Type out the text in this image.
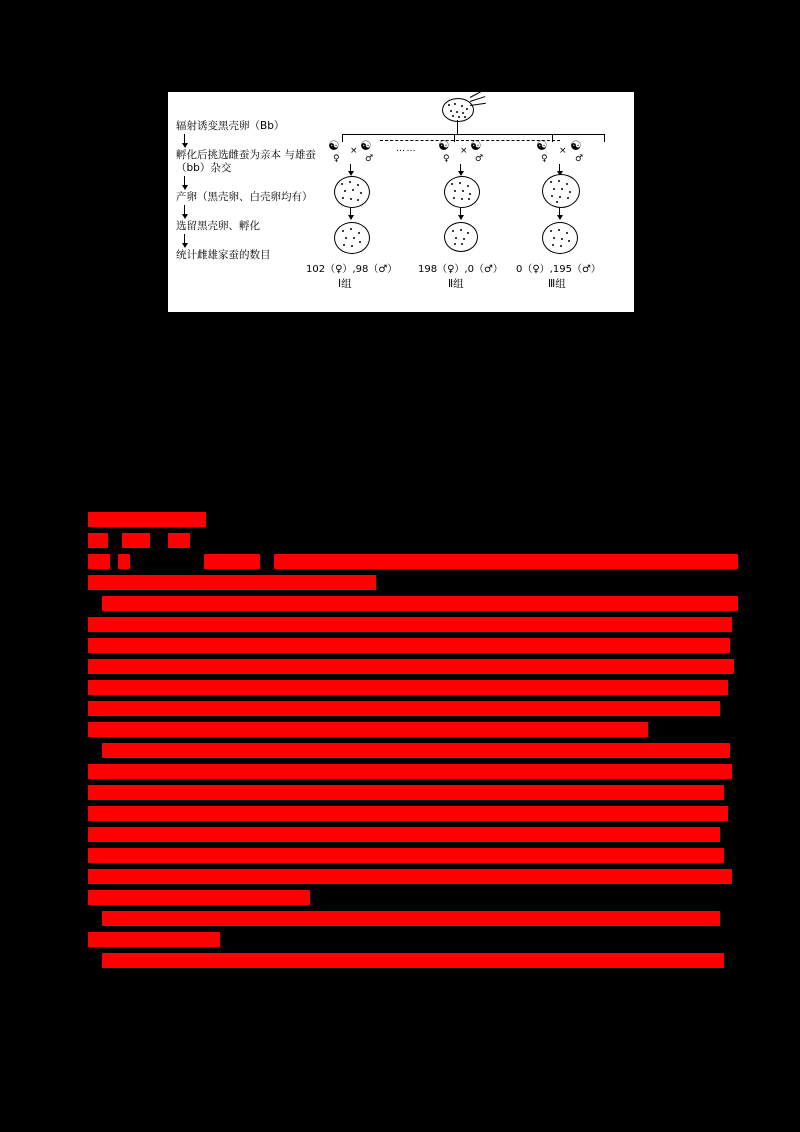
辐射诱变黑壳卵（Bb）
孵化后挑选雌蚕为亲本 与雄蚕（bb）杂交
产卵（黑壳卵、白壳卵均有）
选留黑壳卵、孵化
统计雌雄家蚕的数目
☯ ☯
♀	♂
×
102（♀）,98（♂）
Ⅰ组
…… ☯ ☯
♀	♂
×
198（♀）,0（♂）
Ⅱ组
☯ ☯
♀	♂
×
0（♀）,195（♂）
Ⅲ组
